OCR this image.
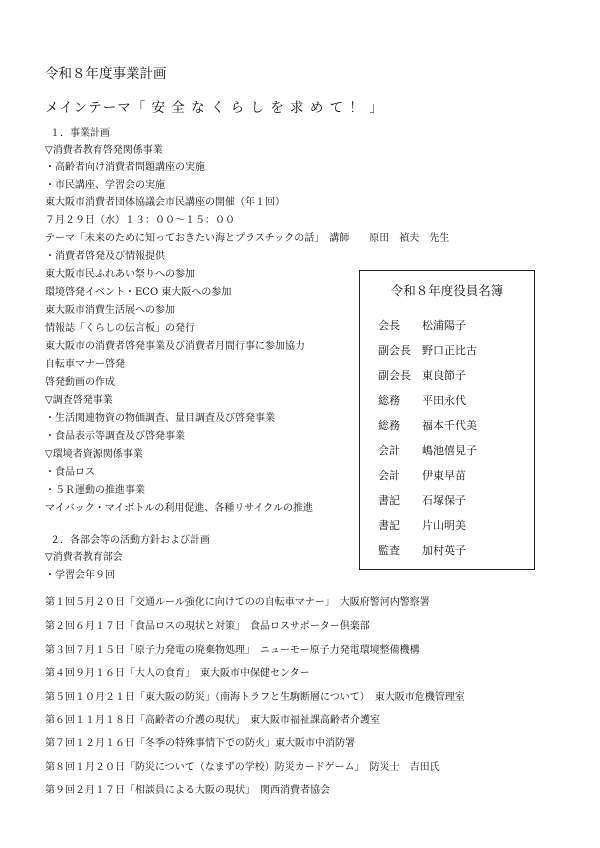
令和８年度事業計画
メインテーマ「 安 全 な く ら し を 求 め て ！ 」
１．事業計画
▽消費者教育啓発関係事業
・高齢者向け消費者問題講座の実施
・市民講座、学習会の実施
東大阪市消費者団体協議会市民講座の開催（年１回）
７月２９日（水）１３：００～１５：００
テーマ「未来のために知っておきたい海とプラスチックの話」　講師　　原田　禎夫　先生
・消費者啓発及び情報提供
東大阪市民ふれあい祭りへの参加
環境啓発イベント・ECO 東大阪への参加
東大阪市消費生活展への参加
情報誌「くらしの伝言板」の発行
東大阪市の消費者啓発事業及び消費者月間行事に参加協力
自転車マナー啓発
啓発動画の作成
▽調査啓発事業
・生活関連物資の物価調査、量目調査及び啓発事業
・食品表示等調査及び啓発事業
▽環境者資源関係事業
・食品ロス
・５Ｒ運動の推進事業
マイバック・マイボトルの利用促進、各種リサイクルの推進
２．各部会等の活動方針および計画
▽消費者教育部会
・学習会年９回
第１回５月２０日「交通ルール強化に向けてのの自転車マナー」　大阪府警河内警察署
第２回６月１７日「食品ロスの現状と対策」　食品ロスサポーター倶楽部
第３回７月１５日「原子力発電の廃棄物処理」　ニューモー原子力発電環境整備機構
第４回９月１６日「大人の食育」　東大阪市中保健センター
第５回１０月２１日「東大阪の防災」（南海トラフと生駒断層について）　東大阪市危機管理室
第６回１１月１８日「高齢者の介護の現状」　東大阪市福祉課高齢者介護室
第７回１２月１６日「冬季の特殊事情下での防火」東大阪市中消防署
第８回１月２０日「防災について（なまずの学校）防災カードゲーム」　防災士　吉田氏
第９回２月１７日「相談員による大阪の現状」　関西消費者協会
令和８年度役員名簿
会長 松浦陽子
副会長 野口正比古
副会長 東良節子
総務 平田永代
総務 福本千代美
会計 嶋池僖見子
会計 伊東早苗
書記 石塚保子
書記 片山明美
監査 加村英子
